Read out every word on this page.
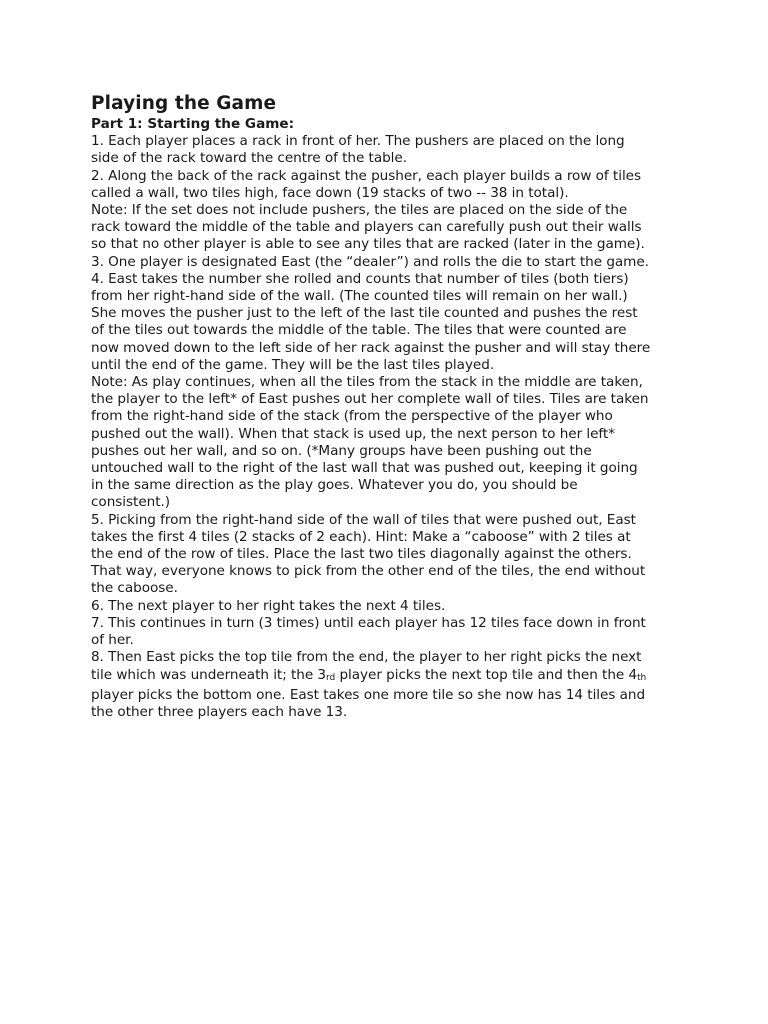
Playing the Game
Part 1: Starting the Game:

1. Each player places a rack in front of her. The pushers are placed on the long side of the rack toward the centre of the table.

2. Along the back of the rack against the pusher, each player builds a row of tiles called a wall, two tiles high, face down (19 stacks of two -- 38 in total).

Note: If the set does not include pushers, the tiles are placed on the side of the rack toward the middle of the table and players can carefully push out their walls so that no other player is able to see any tiles that are racked (later in the game).

3. One player is designated East (the “dealer”) and rolls the die to start the game.

4. East takes the number she rolled and counts that number of tiles (both tiers) from her right-hand side of the wall. (The counted tiles will remain on her wall.) She moves the pusher just to the left of the last tile counted and pushes the rest of the tiles out towards the middle of the table. The tiles that were counted are now moved down to the left side of her rack against the pusher and will stay there until the end of the game. They will be the last tiles played.

Note: As play continues, when all the tiles from the stack in the middle are taken, the player to the left* of East pushes out her complete wall of tiles. Tiles are taken from the right-hand side of the stack (from the perspective of the player who pushed out the wall). When that stack is used up, the next person to her left* pushes out her wall, and so on. (*Many groups have been pushing out the untouched wall to the right of the last wall that was pushed out, keeping it going in the same direction as the play goes. Whatever you do, you should be consistent.)

5. Picking from the right-hand side of the wall of tiles that were pushed out, East takes the first 4 tiles (2 stacks of 2 each). Hint: Make a “caboose” with 2 tiles at the end of the row of tiles. Place the last two tiles diagonally against the others. That way, everyone knows to pick from the other end of the tiles, the end without the caboose.

6. The next player to her right takes the next 4 tiles.

7. This continues in turn (3 times) until each player has 12 tiles face down in front of her.

8. Then East picks the top tile from the end, the player to her right picks the next tile which was underneath it; the 3rd player picks the next top tile and then the 4th player picks the bottom one. East takes one more tile so she now has 14 tiles and the other three players each have 13.
